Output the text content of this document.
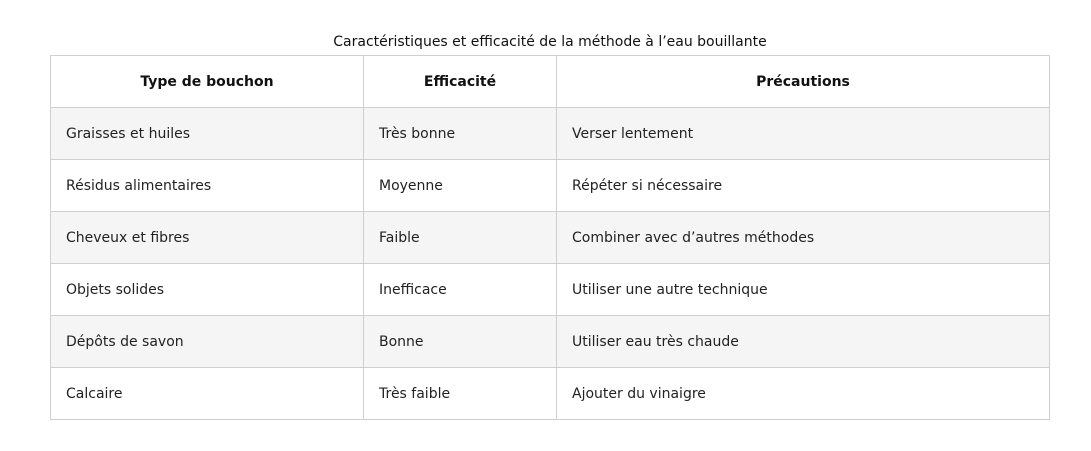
Caractéristiques et efficacité de la méthode à l’eau bouillante
Type de bouchon	Efficacité	Précautions
Graisses et huiles	Très bonne	Verser lentement
Résidus alimentaires	Moyenne	Répéter si nécessaire
Cheveux et fibres	Faible	Combiner avec d’autres méthodes
Objets solides	Inefficace	Utiliser une autre technique
Dépôts de savon	Bonne	Utiliser eau très chaude
Calcaire	Très faible	Ajouter du vinaigre
